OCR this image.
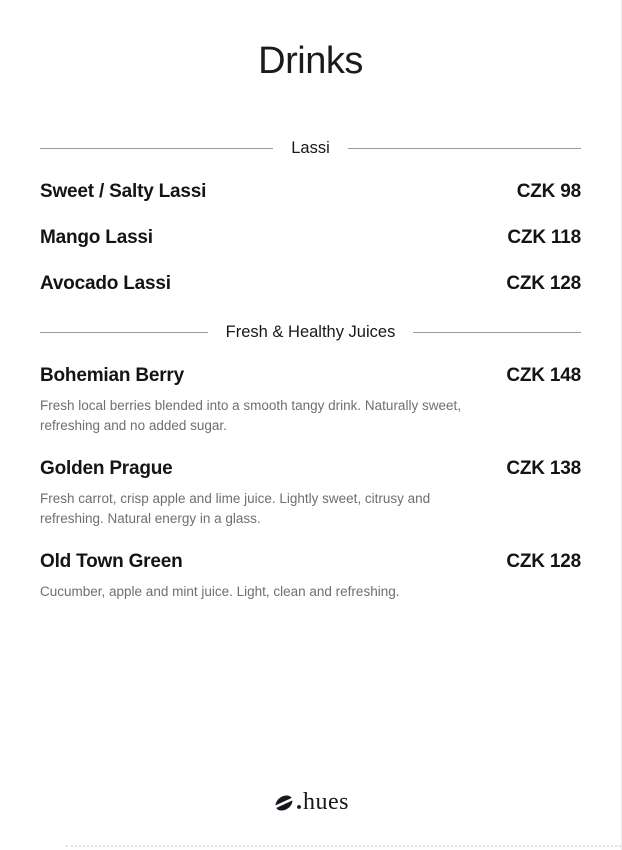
Drinks
Lassi
Sweet / Salty Lassi	CZK 98
Mango Lassi	CZK 118
Avocado Lassi	CZK 128
Fresh & Healthy Juices
Bohemian Berry	CZK 148

Fresh local berries blended into a smooth tangy drink. Naturally sweet, refreshing and no added sugar.

Golden Prague	CZK 138

Fresh carrot, crisp apple and lime juice. Lightly sweet, citrusy and refreshing. Natural energy in a glass.

Old Town Green	CZK 128

Cucumber, apple and mint juice. Light, clean and refreshing.

. hues
